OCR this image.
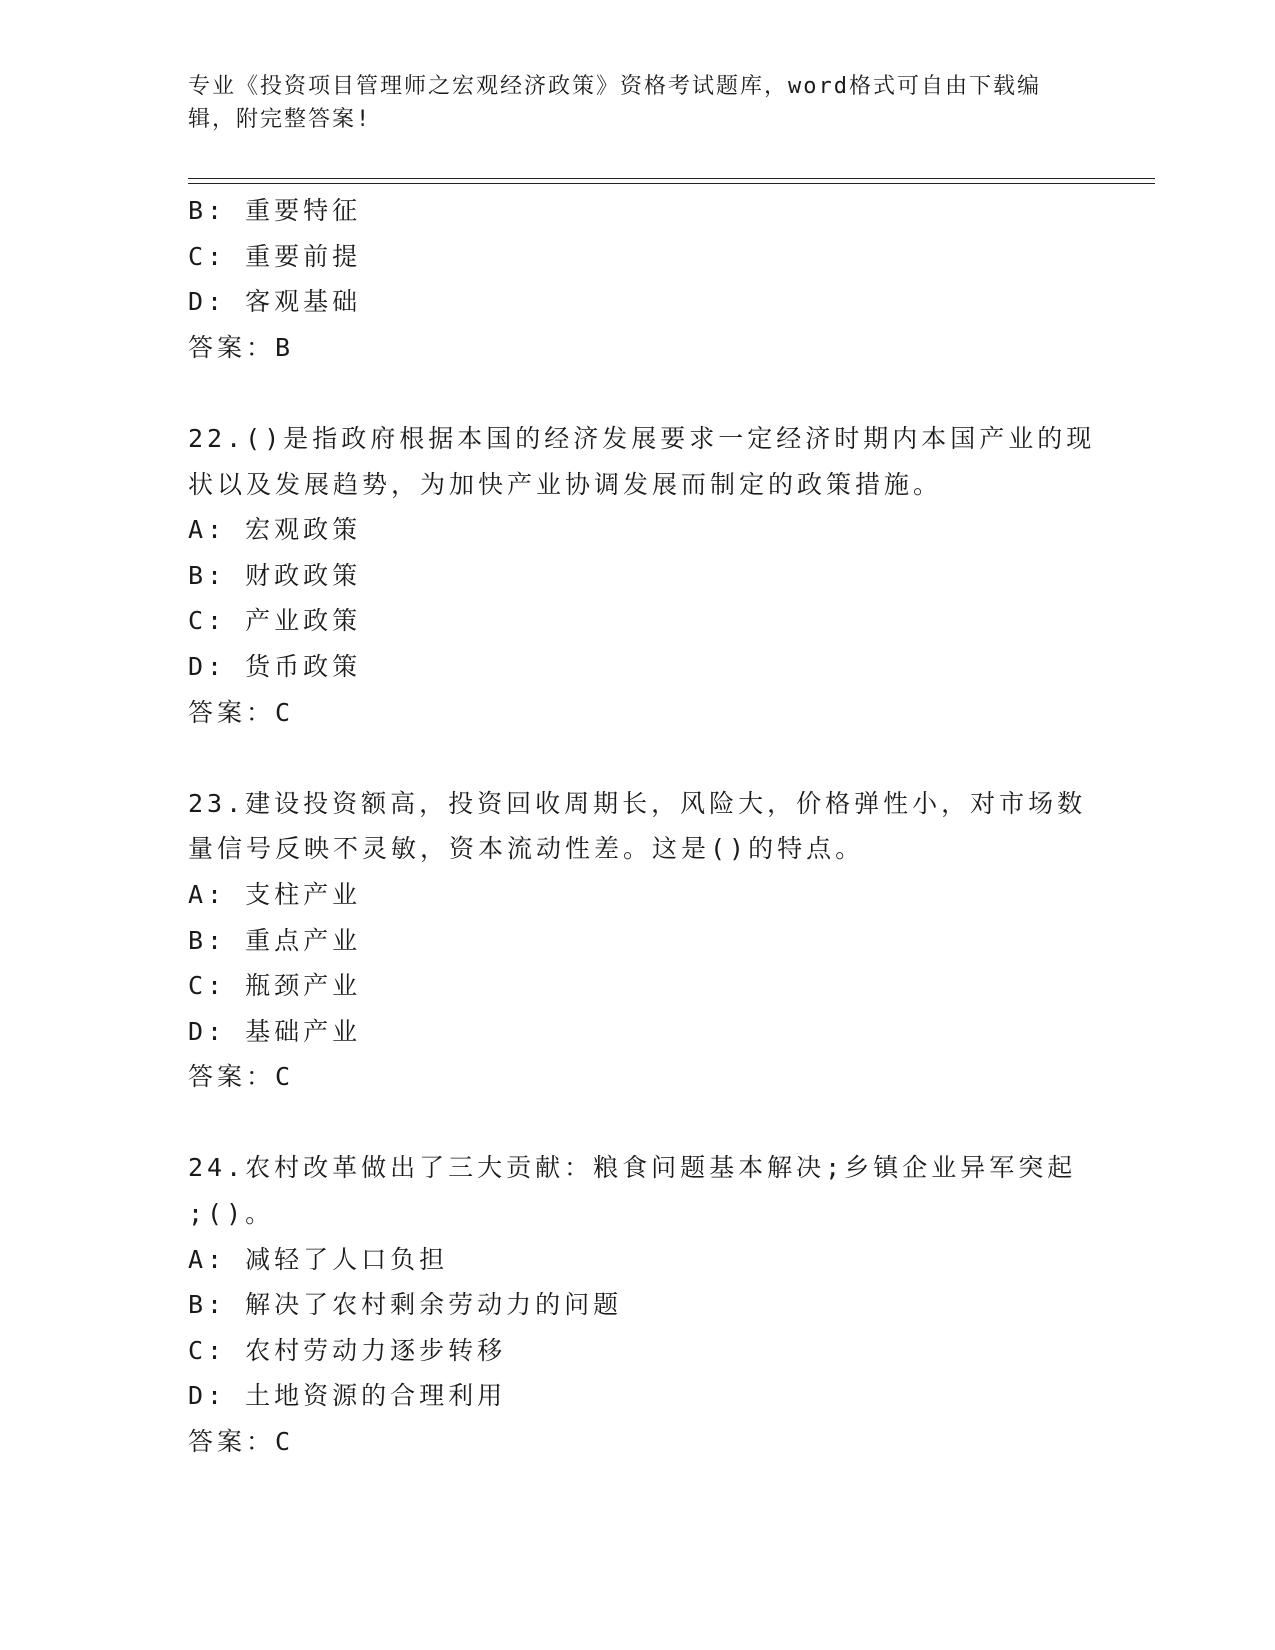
专业《投资项目管理师之宏观经济政策》资格考试题库，word格式可自由下载编
辑，附完整答案!
B: 重要特征
C: 重要前提
D: 客观基础
答案：B
22.()是指政府根据本国的经济发展要求一定经济时期内本国产业的现
状以及发展趋势，为加快产业协调发展而制定的政策措施。
A: 宏观政策
B: 财政政策
C: 产业政策
D: 货币政策
答案：C
23.建设投资额高，投资回收周期长，风险大，价格弹性小，对市场数
量信号反映不灵敏，资本流动性差。这是()的特点。
A: 支柱产业
B: 重点产业
C: 瓶颈产业
D: 基础产业
答案：C
24.农村改革做出了三大贡献：粮食问题基本解决;乡镇企业异军突起
;()。
A: 减轻了人口负担
B: 解决了农村剩余劳动力的问题
C: 农村劳动力逐步转移
D: 土地资源的合理利用
答案：C
